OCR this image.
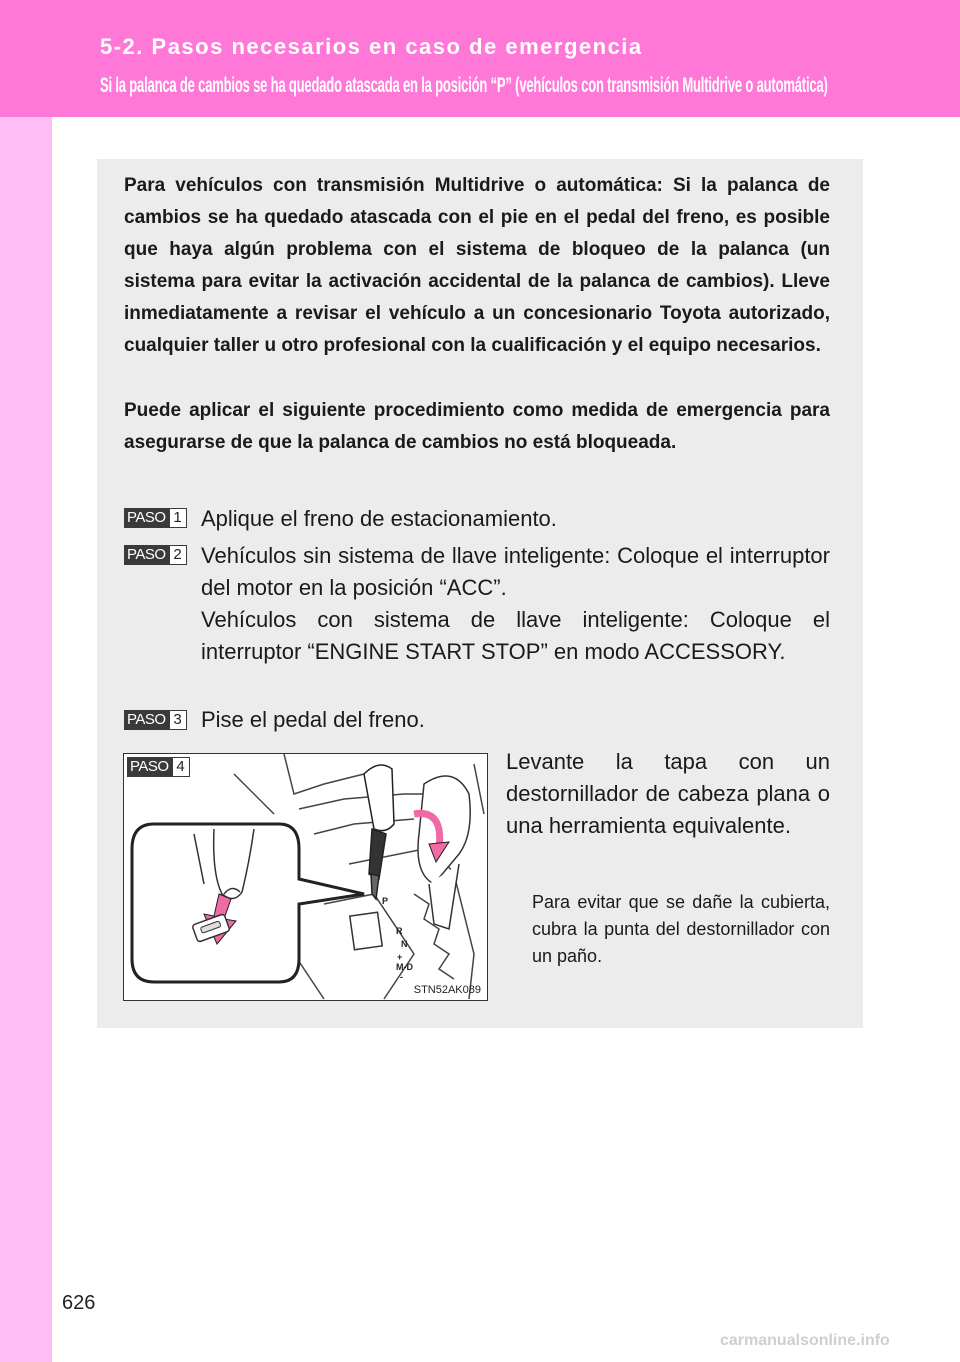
5-2. Pasos necesarios en caso de emergencia
Si la palanca de cambios se ha quedado atascada en la posición “P” (vehículos con transmisión Multidrive o automática)

Para vehículos con transmisión Multidrive o automática: Si la palanca de cambios se ha quedado atascada con el pie en el pedal del freno, es posible que haya algún problema con el sistema de bloqueo de la palanca (un sistema para evitar la activación accidental de la palanca de cambios). Lleve inmediatamente a revisar el vehículo a un concesionario Toyota autorizado, cualquier taller u otro profesional con la cualificación y el equipo necesarios.

Puede aplicar el siguiente procedimiento como medida de emergencia para asegurarse de que la palanca de cambios no está bloqueada.

PASO 1 Aplique el freno de estacionamiento.

PASO 2 Vehículos sin sistema de llave inteligente: Coloque el interruptor del motor en la posición “ACC”.

Vehículos con sistema de llave inteligente: Coloque el interruptor “ENGINE START STOP” en modo ACCESSORY.

PASO 3 Pise el pedal del freno.

P
R
N
+
M-D
-
PASO 4
STN52AK089

Levante la tapa con un destornillador de cabeza plana o una herramienta equivalente.

Para evitar que se dañe la cubierta, cubra la punta del destornillador con un paño.

626
carmanualsonline.info
